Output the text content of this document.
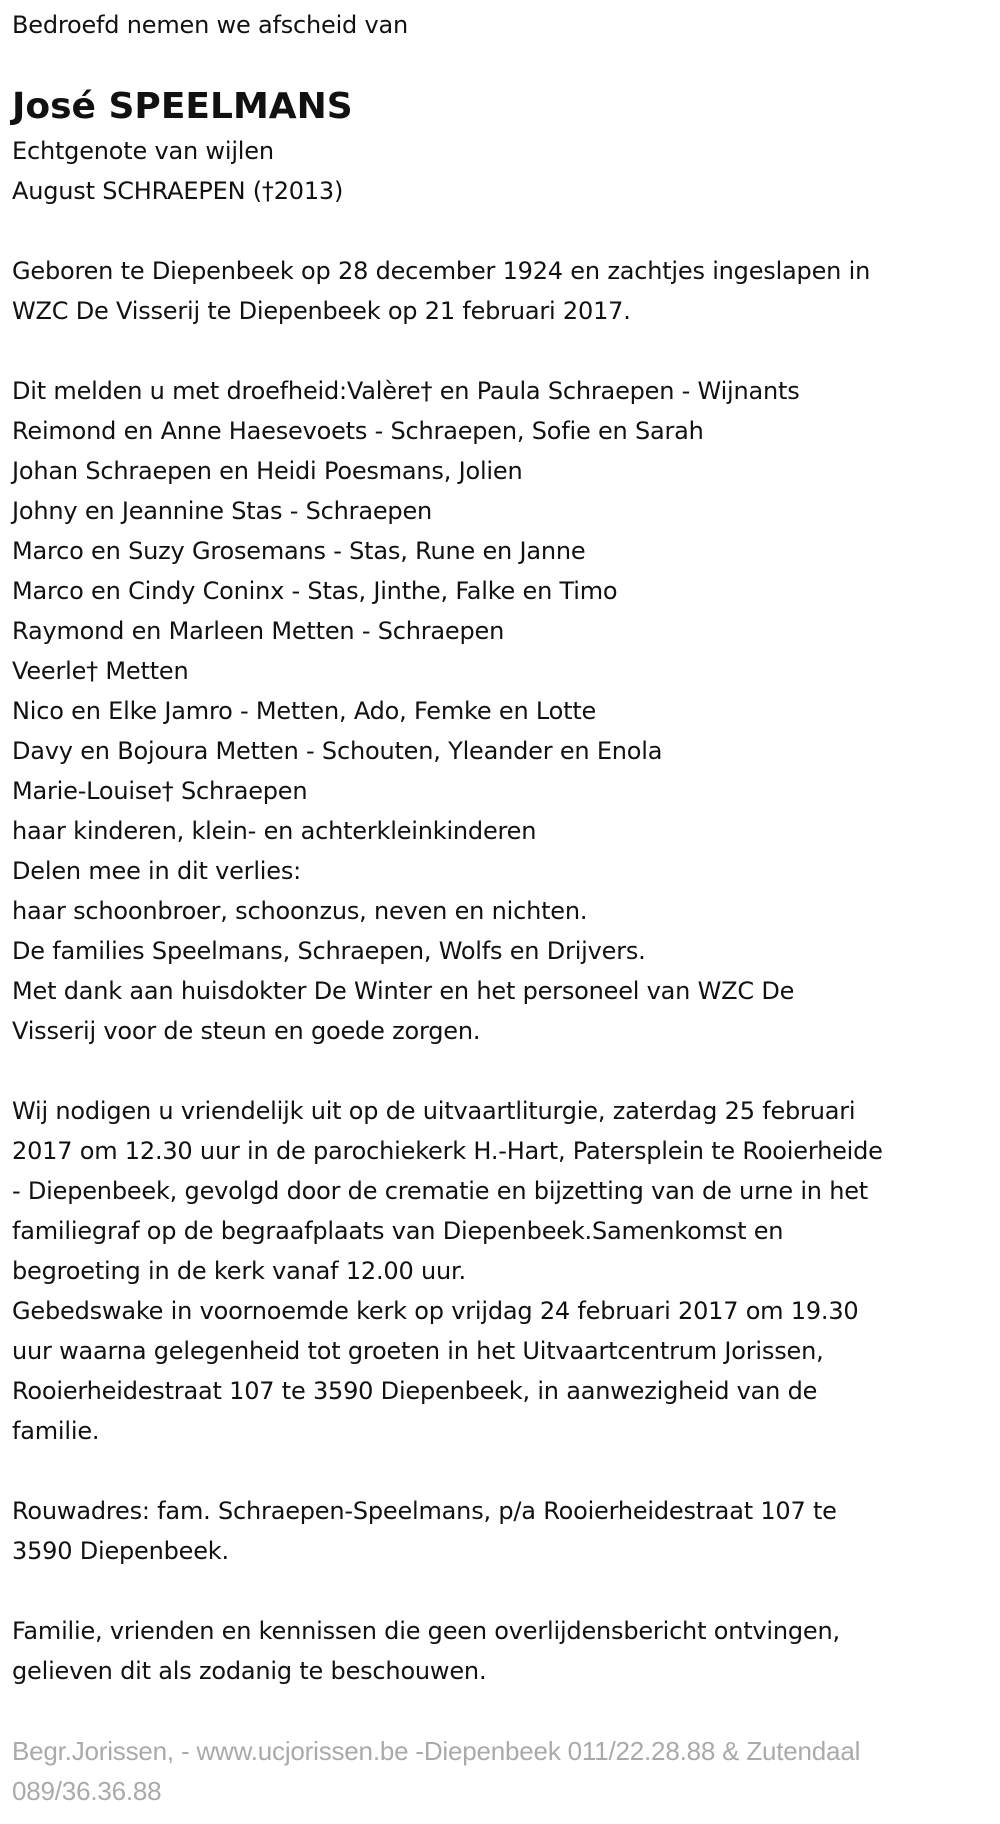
Bedroefd nemen we afscheid van
José SPEELMANS
Echtgenote van wijlen
August SCHRAEPEN (†2013)
Geboren te Diepenbeek op 28 december 1924 en zachtjes ingeslapen in
WZC De Visserij te Diepenbeek op 21 februari 2017.
Dit melden u met droefheid:Valère† en Paula Schraepen - Wijnants
Reimond en Anne Haesevoets - Schraepen, Sofie en Sarah
Johan Schraepen en Heidi Poesmans, Jolien
Johny en Jeannine Stas - Schraepen
Marco en Suzy Grosemans - Stas, Rune en Janne
Marco en Cindy Coninx - Stas, Jinthe, Falke en Timo
Raymond en Marleen Metten - Schraepen
Veerle† Metten
Nico en Elke Jamro - Metten, Ado, Femke en Lotte
Davy en Bojoura Metten - Schouten, Yleander en Enola
Marie-Louise† Schraepen
haar kinderen, klein- en achterkleinkinderen
Delen mee in dit verlies:
haar schoonbroer, schoonzus, neven en nichten.
De families Speelmans, Schraepen, Wolfs en Drijvers.
Met dank aan huisdokter De Winter en het personeel van WZC De
Visserij voor de steun en goede zorgen.
Wij nodigen u vriendelijk uit op de uitvaartliturgie, zaterdag 25 februari
2017 om 12.30 uur in de parochiekerk H.-Hart, Patersplein te Rooierheide
- Diepenbeek, gevolgd door de crematie en bijzetting van de urne in het
familiegraf op de begraafplaats van Diepenbeek.Samenkomst en
begroeting in de kerk vanaf 12.00 uur.
Gebedswake in voornoemde kerk op vrijdag 24 februari 2017 om 19.30
uur waarna gelegenheid tot groeten in het Uitvaartcentrum Jorissen,
Rooierheidestraat 107 te 3590 Diepenbeek, in aanwezigheid van de
familie.
Rouwadres: fam. Schraepen-Speelmans, p/a Rooierheidestraat 107 te
3590 Diepenbeek.
Familie, vrienden en kennissen die geen overlijdensbericht ontvingen,
gelieven dit als zodanig te beschouwen.
Begr.Jorissen, - www.ucjorissen.be -Diepenbeek 011/22.28.88 & Zutendaal
089/36.36.88
